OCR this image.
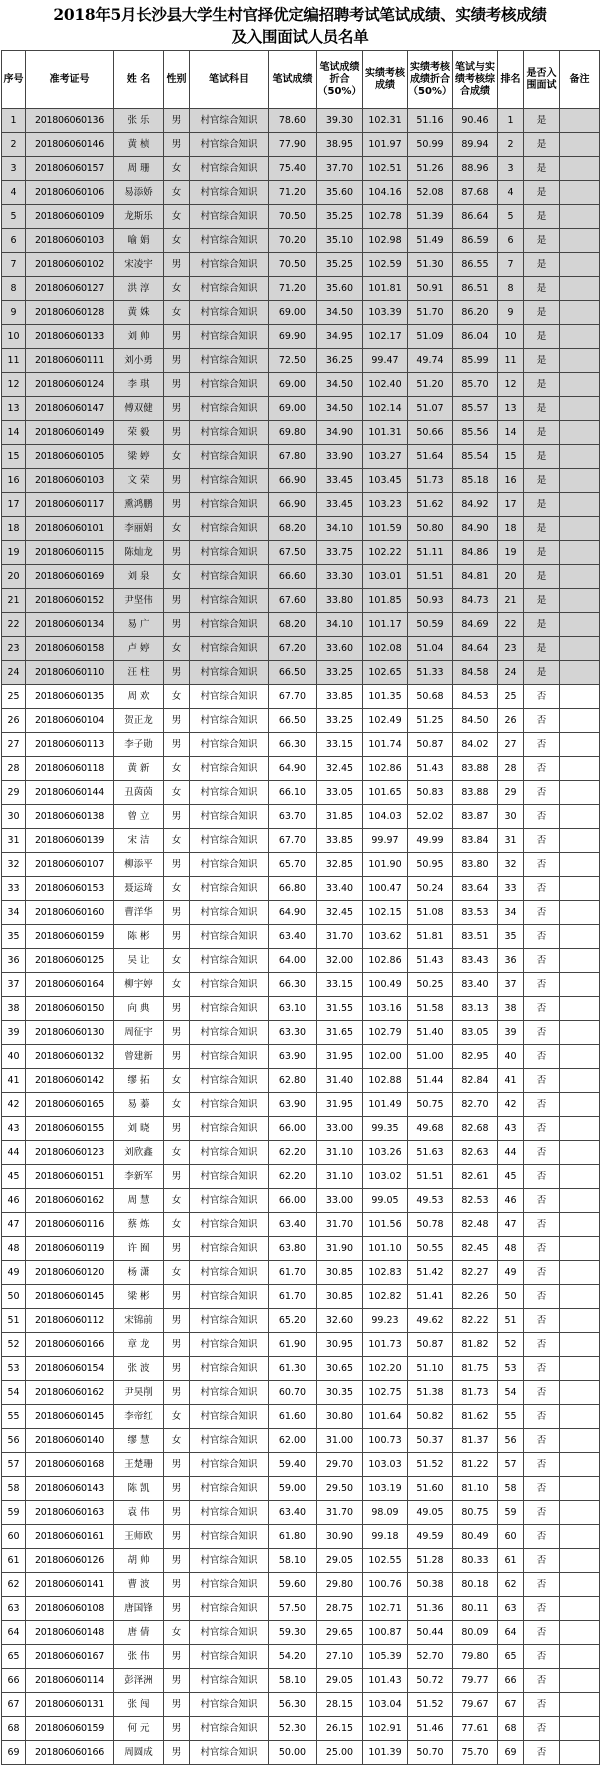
2018年5月长沙县大学生村官择优定编招聘考试笔试成绩、实绩考核成绩
及入围面试人员名单
序号	准考证号	姓 名	性别	笔试科目	笔试成绩	笔试成绩折合（50%）	实绩考核成绩	实绩考核成绩折合（50%）	笔试与实绩考核综合成绩	排名	是否入围面试	备注
1	201806060136	张 乐	男	村官综合知识	78.60	39.30	102.31	51.16	90.46	1	是	
2	201806060146	黄 桢	男	村官综合知识	77.90	38.95	101.97	50.99	89.94	2	是	
3	201806060157	周 珊	女	村官综合知识	75.40	37.70	102.51	51.26	88.96	3	是	
4	201806060106	易添娇	女	村官综合知识	71.20	35.60	104.16	52.08	87.68	4	是	
5	201806060109	龙斯乐	女	村官综合知识	70.50	35.25	102.78	51.39	86.64	5	是	
6	201806060103	喻 娟	女	村官综合知识	70.20	35.10	102.98	51.49	86.59	6	是	
7	201806060102	宋凌宇	男	村官综合知识	70.50	35.25	102.59	51.30	86.55	7	是	
8	201806060127	洪 淳	女	村官综合知识	71.20	35.60	101.81	50.91	86.51	8	是	
9	201806060128	黄 姝	女	村官综合知识	69.00	34.50	103.39	51.70	86.20	9	是	
10	201806060133	刘 帅	男	村官综合知识	69.90	34.95	102.17	51.09	86.04	10	是	
11	201806060111	刘小勇	男	村官综合知识	72.50	36.25	99.47	49.74	85.99	11	是	
12	201806060124	李 琪	男	村官综合知识	69.00	34.50	102.40	51.20	85.70	12	是	
13	201806060147	傅双健	男	村官综合知识	69.00	34.50	102.14	51.07	85.57	13	是	
14	201806060149	荣 毅	男	村官综合知识	69.80	34.90	101.31	50.66	85.56	14	是	
15	201806060105	梁 婷	女	村官综合知识	67.80	33.90	103.27	51.64	85.54	15	是	
16	201806060103	文 荣	男	村官综合知识	66.90	33.45	103.45	51.73	85.18	16	是	
17	201806060117	熏鸿鹏	男	村官综合知识	66.90	33.45	103.23	51.62	84.92	17	是	
18	201806060101	李丽娟	女	村官综合知识	68.20	34.10	101.59	50.80	84.90	18	是	
19	201806060115	陈灿龙	男	村官综合知识	67.50	33.75	102.22	51.11	84.86	19	是	
20	201806060169	刘 泉	女	村官综合知识	66.60	33.30	103.01	51.51	84.81	20	是	
21	201806060152	尹坚伟	男	村官综合知识	67.60	33.80	101.85	50.93	84.73	21	是	
22	201806060134	易 广	男	村官综合知识	68.20	34.10	101.17	50.59	84.69	22	是	
23	201806060158	卢 婷	女	村官综合知识	67.20	33.60	102.08	51.04	84.64	23	是	
24	201806060110	汪 柱	男	村官综合知识	66.50	33.25	102.65	51.33	84.58	24	是	
25	201806060135	周 欢	女	村官综合知识	67.70	33.85	101.35	50.68	84.53	25	否	
26	201806060104	贺正龙	男	村官综合知识	66.50	33.25	102.49	51.25	84.50	26	否	
27	201806060113	李子勋	男	村官综合知识	66.30	33.15	101.74	50.87	84.02	27	否	
28	201806060118	黄 新	女	村官综合知识	64.90	32.45	102.86	51.43	83.88	28	否	
29	201806060144	丑茵茵	女	村官综合知识	66.10	33.05	101.65	50.83	83.88	29	否	
30	201806060138	曾 立	男	村官综合知识	63.70	31.85	104.03	52.02	83.87	30	否	
31	201806060139	宋 洁	女	村官综合知识	67.70	33.85	99.97	49.99	83.84	31	否	
32	201806060107	柳添平	男	村官综合知识	65.70	32.85	101.90	50.95	83.80	32	否	
33	201806060153	聂运琦	女	村官综合知识	66.80	33.40	100.47	50.24	83.64	33	否	
34	201806060160	曹洋华	男	村官综合知识	64.90	32.45	102.15	51.08	83.53	34	否	
35	201806060159	陈 彬	男	村官综合知识	63.40	31.70	103.62	51.81	83.51	35	否	
36	201806060125	吴 让	女	村官综合知识	64.00	32.00	102.86	51.43	83.43	36	否	
37	201806060164	柳宇婷	女	村官综合知识	66.30	33.15	100.49	50.25	83.40	37	否	
38	201806060150	向 典	男	村官综合知识	63.10	31.55	103.16	51.58	83.13	38	否	
39	201806060130	周征宇	男	村官综合知识	63.30	31.65	102.79	51.40	83.05	39	否	
40	201806060132	曾建新	男	村官综合知识	63.90	31.95	102.00	51.00	82.95	40	否	
41	201806060142	缪 拓	女	村官综合知识	62.80	31.40	102.88	51.44	82.84	41	否	
42	201806060165	易 蓁	女	村官综合知识	63.90	31.95	101.49	50.75	82.70	42	否	
43	201806060155	刘 晓	男	村官综合知识	66.00	33.00	99.35	49.68	82.68	43	否	
44	201806060123	刘欣鑫	女	村官综合知识	62.20	31.10	103.26	51.63	82.63	44	否	
45	201806060151	李新军	男	村官综合知识	62.20	31.10	103.02	51.51	82.61	45	否	
46	201806060162	周 慧	女	村官综合知识	66.00	33.00	99.05	49.53	82.53	46	否	
47	201806060116	蔡 炼	女	村官综合知识	63.40	31.70	101.56	50.78	82.48	47	否	
48	201806060119	许 囿	男	村官综合知识	63.80	31.90	101.10	50.55	82.45	48	否	
49	201806060120	杨 潇	女	村官综合知识	61.70	30.85	102.83	51.42	82.27	49	否	
50	201806060145	梁 彬	男	村官综合知识	61.70	30.85	102.82	51.41	82.26	50	否	
51	201806060112	宋锦前	男	村官综合知识	65.20	32.60	99.23	49.62	82.22	51	否	
52	201806060166	章 龙	男	村官综合知识	61.90	30.95	101.73	50.87	81.82	52	否	
53	201806060154	张 波	男	村官综合知识	61.30	30.65	102.20	51.10	81.75	53	否	
54	201806060162	尹昊削	男	村官综合知识	60.70	30.35	102.75	51.38	81.73	54	否	
55	201806060145	李帝红	女	村官综合知识	61.60	30.80	101.64	50.82	81.62	55	否	
56	201806060140	缪 慧	女	村官综合知识	62.00	31.00	100.73	50.37	81.37	56	否	
57	201806060168	王楚珊	男	村官综合知识	59.40	29.70	103.03	51.52	81.22	57	否	
58	201806060143	陈 凯	男	村官综合知识	59.00	29.50	103.19	51.60	81.10	58	否	
59	201806060163	袁 伟	男	村官综合知识	63.40	31.70	98.09	49.05	80.75	59	否	
60	201806060161	王师欧	男	村官综合知识	61.80	30.90	99.18	49.59	80.49	60	否	
61	201806060126	胡 帅	男	村官综合知识	58.10	29.05	102.55	51.28	80.33	61	否	
62	201806060141	曹 波	男	村官综合知识	59.60	29.80	100.76	50.38	80.18	62	否	
63	201806060108	唐国锋	男	村官综合知识	57.50	28.75	102.71	51.36	80.11	63	否	
64	201806060148	唐 倩	女	村官综合知识	59.30	29.65	100.87	50.44	80.09	64	否	
65	201806060167	张 伟	男	村官综合知识	54.20	27.10	105.39	52.70	79.80	65	否	
66	201806060114	彭泽洲	男	村官综合知识	58.10	29.05	101.43	50.72	79.77	66	否	
67	201806060131	张 闯	男	村官综合知识	56.30	28.15	103.04	51.52	79.67	67	否	
68	201806060159	何 元	男	村官综合知识	52.30	26.15	102.91	51.46	77.61	68	否	
69	201806060166	周圆成	男	村官综合知识	50.00	25.00	101.39	50.70	75.70	69	否	
